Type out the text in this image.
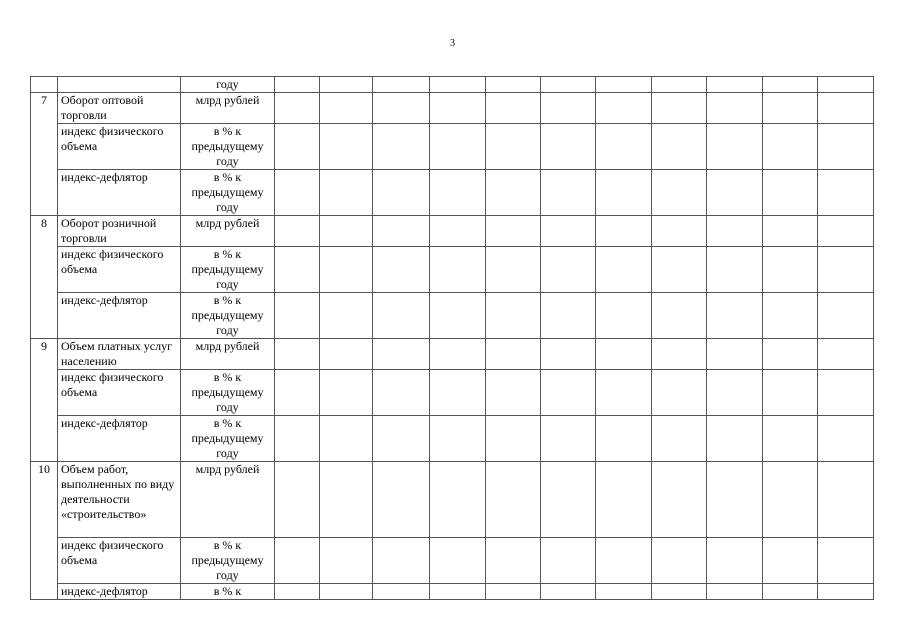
3
		году											
7	Оборот оптовой торговли	млрд рублей											
	индекс физического объема	в % к предыдущему году											
	индекс-дефлятор	в % к предыдущему году											
8	Оборот розничной торговли	млрд рублей											
	индекс физического объема	в % к предыдущему году											
	индекс-дефлятор	в % к предыдущему году											
9	Объем платных услуг населению	млрд рублей											
	индекс физического объема	в % к предыдущему году											
	индекс-дефлятор	в % к предыдущему году											
10	Объем работ, выполненных по виду деятельности «строительство»	млрд рублей											
	индекс физического объема	в % к предыдущему году											
	индекс-дефлятор	в % к											
